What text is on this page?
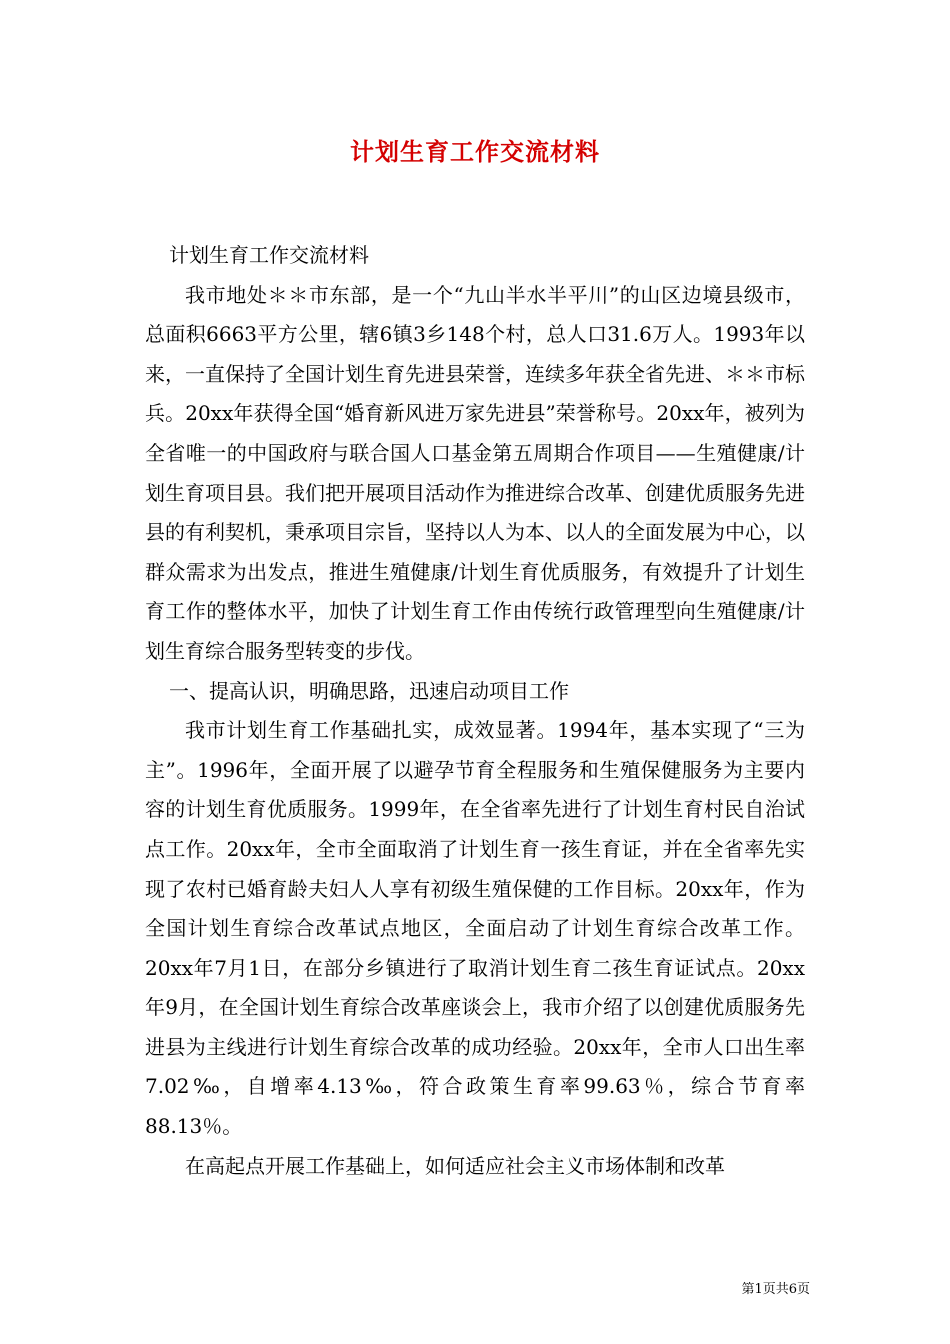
计划生育工作交流材料

计划生育工作交流材料

我市地处＊＊市东部，是一个“九山半水半平川”的山区边境县级市，总面积6663平方公里，辖6镇3乡148个村，总人口31.6万人。1993年以来，一直保持了全国计划生育先进县荣誉，连续多年获全省先进、＊＊市标兵。20xx年获得全国“婚育新风进万家先进县”荣誉称号。20xx年，被列为全省唯一的中国政府与联合国人口基金第五周期合作项目——生殖健康/计划生育项目县。我们把开展项目活动作为推进综合改革、创建优质服务先进县的有利契机，秉承项目宗旨，坚持以人为本、以人的全面发展为中心，以群众需求为出发点，推进生殖健康/计划生育优质服务，有效提升了计划生育工作的整体水平，加快了计划生育工作由传统行政管理型向生殖健康/计划生育综合服务型转变的步伐。

一、提高认识，明确思路，迅速启动项目工作

我市计划生育工作基础扎实，成效显著。1994年，基本实现了“三为主”。1996年，全面开展了以避孕节育全程服务和生殖保健服务为主要内容的计划生育优质服务。1999年，在全省率先进行了计划生育村民自治试点工作。20xx年，全市全面取消了计划生育一孩生育证，并在全省率先实现了农村已婚育龄夫妇人人享有初级生殖保健的工作目标。20xx年，作为全国计划生育综合改革试点地区，全面启动了计划生育综合改革工作。20xx年7月1日，在部分乡镇进行了取消计划生育二孩生育证试点。20xx年9月，在全国计划生育综合改革座谈会上，我市介绍了以创建优质服务先进县为主线进行计划生育综合改革的成功经验。20xx年，全市人口出生率7.02‰，自增率4.13‰，符合政策生育率99.63％，综合节育率88.13％。

在高起点开展工作基础上，如何适应社会主义市场体制和改革

第1页共6页
